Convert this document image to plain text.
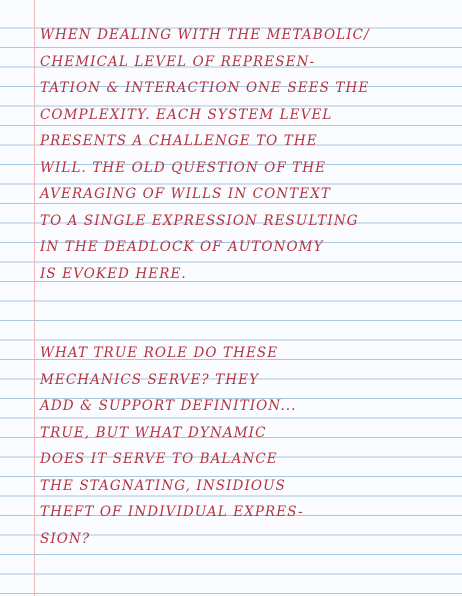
WHEN DEALING WITH THE METABOLIC/
CHEMICAL LEVEL OF REPRESEN-
TATION & INTERACTION ONE SEES THE
COMPLEXITY. EACH SYSTEM LEVEL
PRESENTS A CHALLENGE TO THE
WILL. THE OLD QUESTION OF THE
AVERAGING OF WILLS IN CONTEXT
TO A SINGLE EXPRESSION RESULTING
IN THE DEADLOCK OF AUTONOMY
IS EVOKED HERE.
WHAT TRUE ROLE DO THESE
MECHANICS SERVE? THEY
ADD & SUPPORT DEFINITION...
TRUE, BUT WHAT DYNAMIC
DOES IT SERVE TO BALANCE
THE STAGNATING, INSIDIOUS
THEFT OF INDIVIDUAL EXPRES-
SION?
